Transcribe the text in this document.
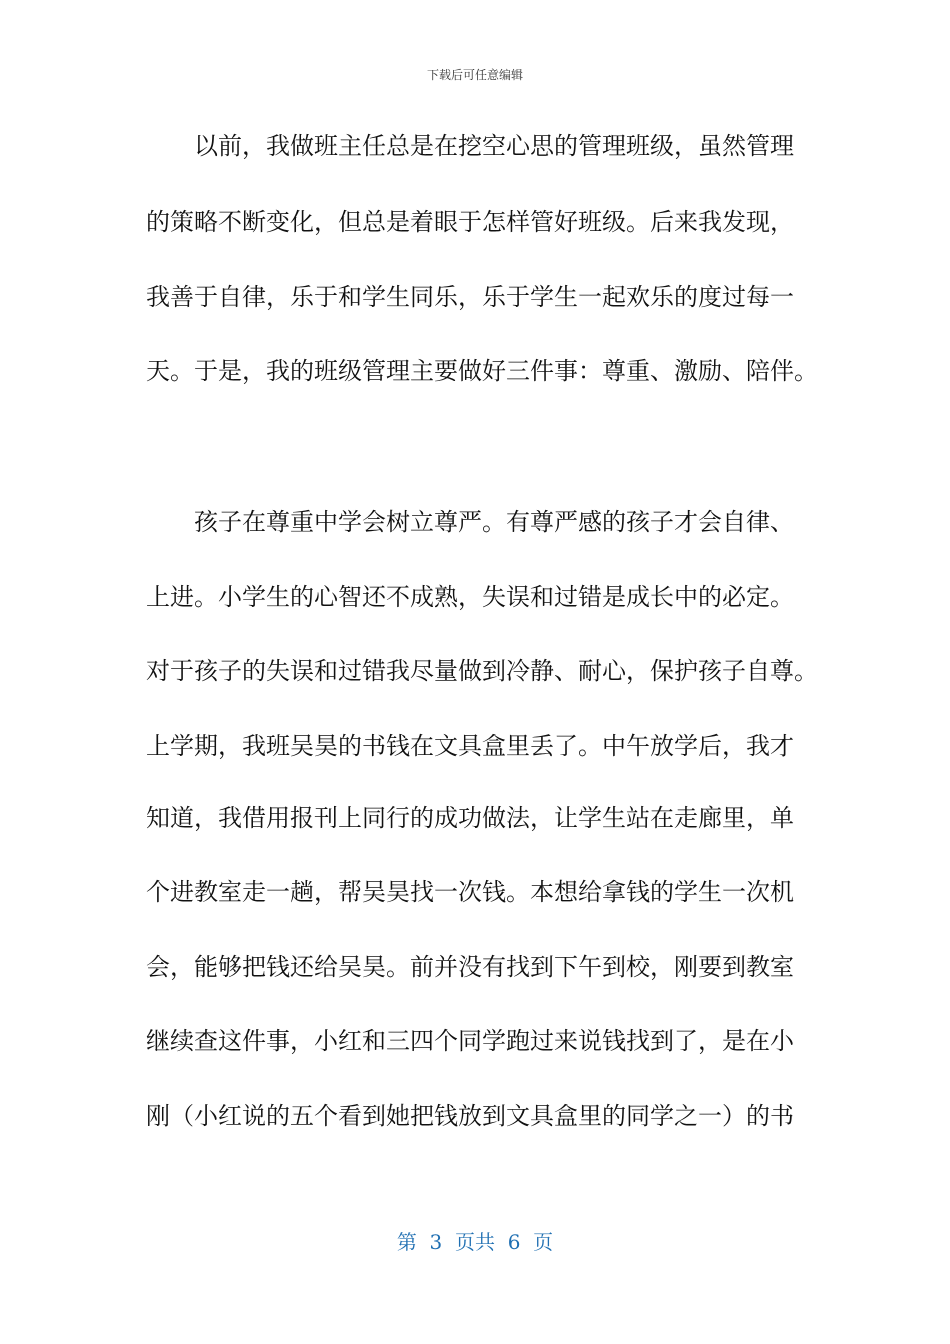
下载后可任意编辑
以前，我做班主任总是在挖空心思的管理班级，虽然管理
的策略不断变化，但总是着眼于怎样管好班级。后来我发现，
我善于自律，乐于和学生同乐，乐于学生一起欢乐的度过每一
天。于是，我的班级管理主要做好三件事：尊重、激励、陪伴。
孩子在尊重中学会树立尊严。有尊严感的孩子才会自律、
上进。小学生的心智还不成熟，失误和过错是成长中的必定。
对于孩子的失误和过错我尽量做到冷静、耐心，保护孩子自尊。
上学期，我班吴昊的书钱在文具盒里丢了。中午放学后，我才
知道，我借用报刊上同行的成功做法，让学生站在走廊里，单
个进教室走一趟，帮吴昊找一次钱。本想给拿钱的学生一次机
会，能够把钱还给吴昊。前并没有找到下午到校，刚要到教室
继续查这件事，小红和三四个同学跑过来说钱找到了，是在小
刚（小红说的五个看到她把钱放到文具盒里的同学之一）的书
第  3  页共  6  页
